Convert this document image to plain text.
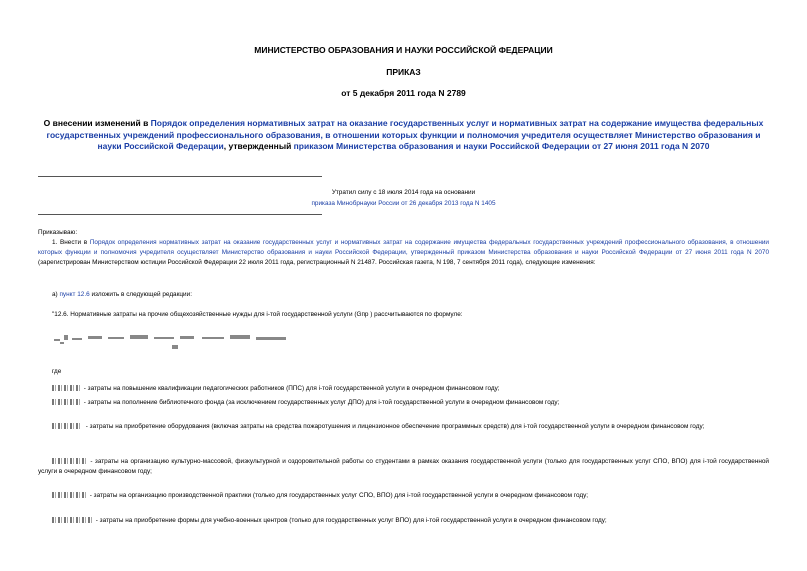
МИНИСТЕРСТВО ОБРАЗОВАНИЯ И НАУКИ РОССИЙСКОЙ ФЕДЕРАЦИИ
ПРИКАЗ
от 5 декабря 2011 года N 2789
О внесении изменений в Порядок определения нормативных затрат на оказание государственных услуг и нормативных затрат на содержание имущества федеральных государственных учреждений профессионального образования, в отношении которых функции и полномочия учредителя осуществляет Министерство образования и науки Российской Федерации, утвержденный приказом Министерства образования и науки Российской Федерации от 27 июня 2011 года N 2070
Утратил силу с 18 июля 2014 года на основании
приказа Минобрнауки России от 26 декабря 2013 года N 1405
Приказываю:
1. Внести в Порядок определения нормативных затрат на оказание государственных услуг и нормативных затрат на содержание имущества федеральных государственных учреждений профессионального образования, в отношении которых функции и полномочия учредителя осуществляет Министерство образования и науки Российской Федерации, утвержденный приказом Министерства образования и науки Российской Федерации от 27 июня 2011 года N 2070 (зарегистрирован Министерством юстиции Российской Федерации 22 июля 2011 года, регистрационный N 21487. Российская газета, N 198, 7 сентября 2011 года), следующие изменения:
а) пункт 12.6 изложить в следующей редакции:
"12.6. Нормативные затраты на прочие общехозяйственные нужды для i-той государственной услуги (Gпр ) рассчитываются по формуле:
где
- затраты на повышение квалификации педагогических работников (ППС) для i-той государственной услуги в очередном финансовом году;
- затраты на пополнение библиотечного фонда (за исключением государственных услуг ДПО) для i-той государственной услуги в очередном финансовом году;
- затраты на приобретение оборудования (включая затраты на средства пожаротушения и лицензионное обеспечение программных средств) для i-той государственной услуги в очередном финансовом году;
- затраты на организацию культурно-массовой, физкультурной и оздоровительной работы со студентами в рамках оказания государственной услуги (только для государственных услуг СПО, ВПО) для i-той государственной услуги в очередном финансовом году;
- затраты на организацию производственной практики (только для государственных услуг СПО, ВПО) для i-той государственной услуги в очередном финансовом году;
- затраты на приобретение формы для учебно-военных центров (только для государственных услуг ВПО) для i-той государственной услуги в очередном финансовом году;
